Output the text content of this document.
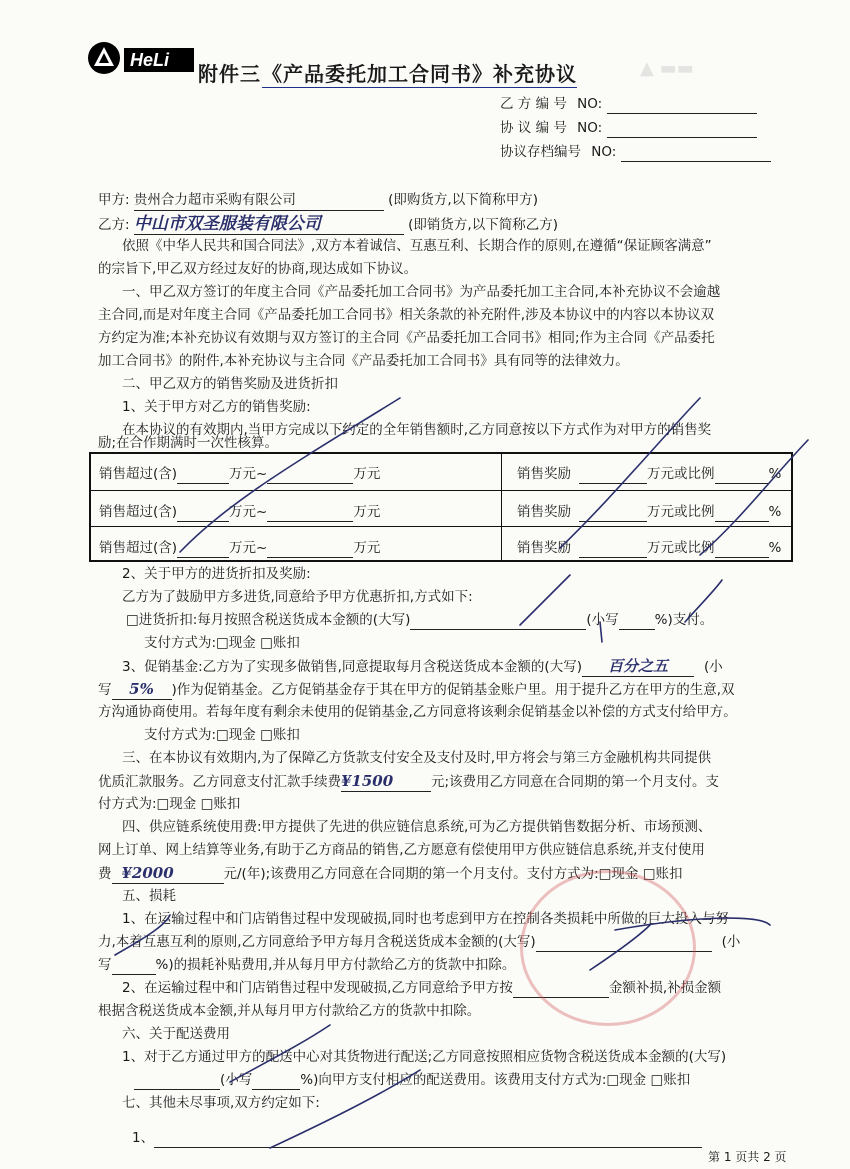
▲ ▬▬
HeLi
附件三 《产品委托加工合同书》补充协议
乙 方 编 号 NO:
协 议 编 号 NO:
协议存档编号 NO:
甲方: 贵州合力超市采购有限公司	(即购货方,以下简称甲方)
乙方: 中山市双圣服装有限公司	(即销货方,以下简称乙方)
依照《中华人民共和国合同法》,双方本着诚信、互惠互利、长期合作的原则,在遵循“保证顾客满意”
的宗旨下,甲乙双方经过友好的协商,现达成如下协议。
一、甲乙双方签订的年度主合同《产品委托加工合同书》为产品委托加工主合同,本补充协议不会逾越
主合同,而是对年度主合同《产品委托加工合同书》相关条款的补充附件,涉及本协议中的内容以本协议双
方约定为准;本补充协议有效期与双方签订的主合同《产品委托加工合同书》相同;作为主合同《产品委托
加工合同书》的附件,本补充协议与主合同《产品委托加工合同书》具有同等的法律效力。
二、甲乙双方的销售奖励及进货折扣
1、关于甲方对乙方的销售奖励:
在本协议的有效期内,当甲方完成以下约定的全年销售额时,乙方同意按以下方式作为对甲方的销售奖
励;在合作期满时一次性核算。
销售超过(含)	万元~	万元	销售奖励	万元或比例	%
销售超过(含)	万元~	万元	销售奖励	万元或比例	%
销售超过(含)	万元~	万元	销售奖励	万元或比例	%
2、关于甲方的进货折扣及奖励:
乙方为了鼓励甲方多进货,同意给予甲方优惠折扣,方式如下:
□进货折扣:每月按照含税送货成本金额的(大写)	(小写	%)支付。
支付方式为:□现金 □账扣
3、促销基金:乙方为了实现多做销售,同意提取每月含税送货成本金额的(大写) 百分之五	(小
写 5% )作为促销基金。乙方促销基金存于其在甲方的促销基金账户里。用于提升乙方在甲方的生意,双
方沟通协商使用。若每年度有剩余未使用的促销基金,乙方同意将该剩余促销基金以补偿的方式支付给甲方。
支付方式为:□现金 □账扣
三、在本协议有效期内,为了保障乙方货款支付安全及支付及时,甲方将会与第三方金融机构共同提供
优质汇款服务。乙方同意支付汇款手续费¥1500	元;该费用乙方同意在合同期的第一个月支付。支
付方式为:□现金 □账扣
四、供应链系统使用费:甲方提供了先进的供应链信息系统,可为乙方提供销售数据分析、市场预测、
网上订单、网上结算等业务,有助于乙方商品的销售,乙方愿意有偿使用甲方供应链信息系统,并支付使用
费 ¥2000	元/(年);该费用乙方同意在合同期的第一个月支付。支付方式为:□现金 □账扣
五、损耗
1、在运输过程中和门店销售过程中发现破损,同时也考虑到甲方在控制各类损耗中所做的巨大投入与努
力,本着互惠互利的原则,乙方同意给予甲方每月含税送货成本金额的(大写)	(小
写	%)的损耗补贴费用,并从每月甲方付款给乙方的货款中扣除。
2、在运输过程中和门店销售过程中发现破损,乙方同意给予甲方按	金额补损,补损金额
根据含税送货成本金额,并从每月甲方付款给乙方的货款中扣除。
六、关于配送费用
1、对于乙方通过甲方的配送中心对其货物进行配送;乙方同意按照相应货物含税送货成本金额的(大写)
(小写	%)向甲方支付相应的配送费用。该费用支付方式为:□现金 □账扣
七、其他未尽事项,双方约定如下:
1、
第 1 页共 2 页
